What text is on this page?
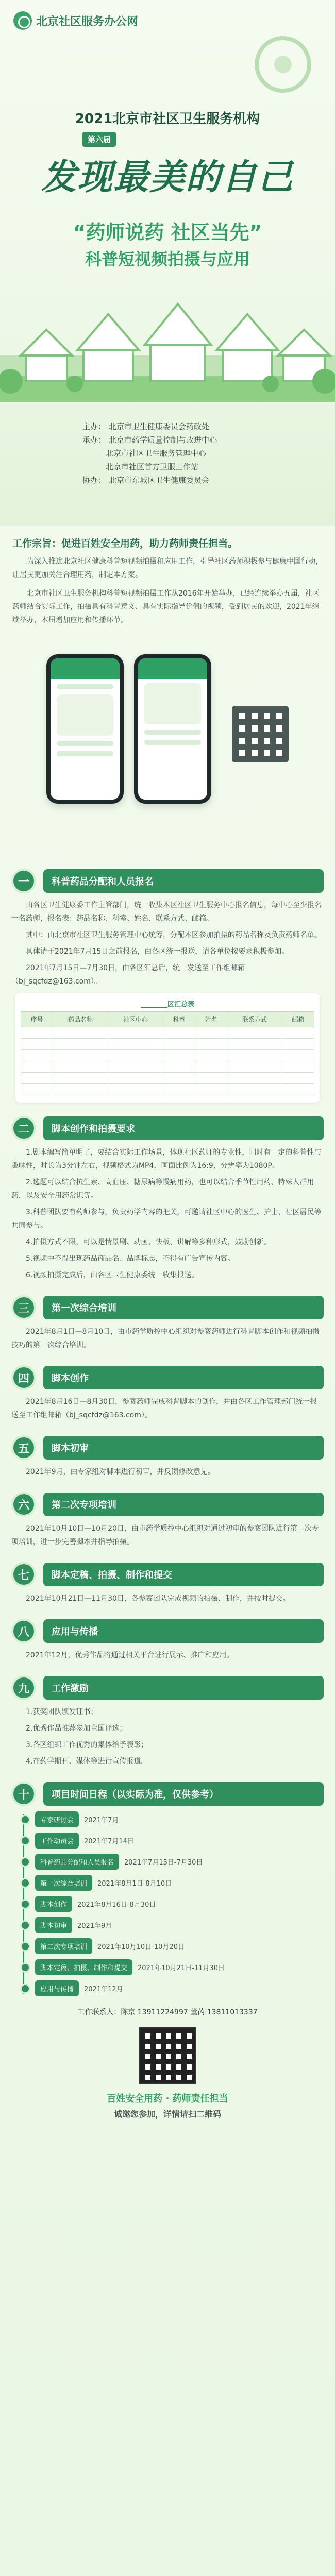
北京社区服务办公网
2021北京市社区卫生服务机构
第六届
发现最美的自己
“药师说药 社区当先”
科普短视频拍摄与应用
主办： 北京市卫生健康委员会药政处
承办： 北京市药学质量控制与改进中心
北京市社区卫生服务管理中心
北京市社区首方卫服工作站
协办： 北京市东城区卫生健康委员会
工作宗旨：促进百姓安全用药，助力药师责任担当。

为深入推进北京社区健康科普短视频拍摄和应用工作，引导社区药师积极参与健康中国行动，让居民更加关注合理用药，制定本方案。

北京市社区卫生服务机构科普短视频拍摄工作从2016年开始举办，已经连续举办五届，社区药师结合实际工作，拍摄具有科普意义、具有实际指导价值的视频，受到居民的欢迎，2021年继续举办，本届增加应用和传播环节。

一	科普药品分配和人员报名

由各区卫生健康委工作主管部门，统一收集本区社区卫生服务中心报名信息，每中心至少报名一名药师，报名表：药品名称、科室、姓名、联系方式、邮箱。

其中：由北京市社区卫生服务管理中心统筹，分配本区参加拍摄的药品名称及负责药师名单。

具体请于2021年7月15日之前报名，由各区统一报送，请各单位按要求积极参加。

2021年7月15日—7月30日，由各区汇总后，统一发送至工作组邮箱（bj_sqcfdz@163.com）。

________区汇总表
序号	药品名称	社区中心	科室	姓名	联系方式	邮箱

二	脚本创作和拍摄要求

1.剧本编写简单明了，要结合实际工作场景，体现社区药师的专业性，同时有一定的科普性与趣味性，时长为3分钟左右，视频格式为MP4，画面比例为16:9，分辨率为1080P。

2.选题可以结合抗生素、高血压、糖尿病等慢病用药，也可以结合季节性用药、特殊人群用药，以及安全用药常识等。

3.科普团队要有药师参与，负责药学内容的把关，可邀请社区中心的医生、护士、社区居民等共同参与。

4.拍摄方式不限，可以是情景剧、动画、快板、讲解等多种形式，鼓励创新。

5.视频中不得出现药品商品名、品牌标志，不得有广告宣传内容。

6.视频拍摄完成后，由各区卫生健康委统一收集报送。

三	第一次综合培训

2021年8月1日—8月10日，由市药学质控中心组织对参赛药师进行科普脚本创作和视频拍摄技巧的第一次综合培训。

四	脚本创作

2021年8月16日—8月30日，参赛药师完成科普脚本的创作，并由各区工作管理部门统一报送至工作组邮箱（bj_sqcfdz@163.com）。

五	脚本初审

2021年9月，由专家组对脚本进行初审，并反馈修改意见。

六	第二次专项培训

2021年10月10日—10月20日，由市药学质控中心组织对通过初审的参赛团队进行第二次专项培训，进一步完善脚本并指导拍摄。

七	脚本定稿、拍摄、制作和提交

2021年10月21日—11月30日，各参赛团队完成视频的拍摄、制作，并按时提交。

八	应用与传播

2021年12月，优秀作品将通过相关平台进行展示、推广和应用。

九	工作激励

1.获奖团队颁发证书；

2.优秀作品推荐参加全国评选；

3.各区组织工作优秀的集体给予表彰；

4.在药学期刊、媒体等进行宣传报道。

十	项目时间日程（以实际为准，仅供参考）
专家研讨会	2021年7月
工作动员会	2021年7月14日
科普药品分配和人员报名	2021年7月15日-7月30日
第一次综合培训	2021年8月1日-8月10日
脚本创作	2021年8月16日-8月30日
脚本初审	2021年9月
第二次专项培训	2021年10月10日-10月20日
脚本定稿、拍摄、制作和提交	2021年10月21日-11月30日
应用与传播	2021年12月
工作联系人：陈京 13911224997 董芮 13811013337
百姓安全用药 · 药师责任担当
诚邀您参加，详情请扫二维码
